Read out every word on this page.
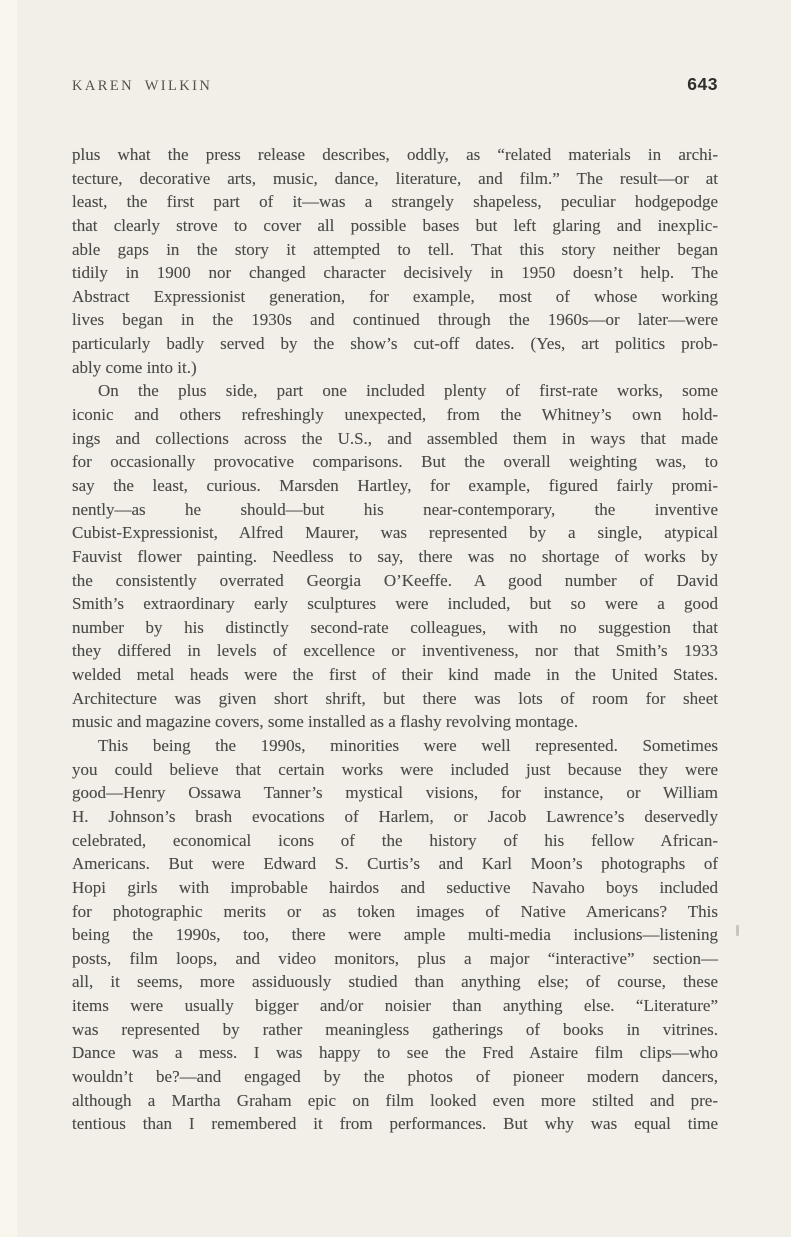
KAREN WILKIN	643
plus what the press release describes, oddly, as “related materials in archi-
tecture, decorative arts, music, dance, literature, and film.” The result—or at
least, the first part of it—was a strangely shapeless, peculiar hodgepodge
that clearly strove to cover all possible bases but left glaring and inexplic-
able gaps in the story it attempted to tell. That this story neither began
tidily in 1900 nor changed character decisively in 1950 doesn’t help. The
Abstract Expressionist generation, for example, most of whose working
lives began in the 1930s and continued through the 1960s—or later—were
particularly badly served by the show’s cut-off dates. (Yes, art politics prob-
ably come into it.)
On the plus side, part one included plenty of first-rate works, some
iconic and others refreshingly unexpected, from the Whitney’s own hold-
ings and collections across the U.S., and assembled them in ways that made
for occasionally provocative comparisons. But the overall weighting was, to
say the least, curious. Marsden Hartley, for example, figured fairly promi-
nently—as he should—but his near-contemporary, the inventive
Cubist-Expressionist, Alfred Maurer, was represented by a single, atypical
Fauvist flower painting. Needless to say, there was no shortage of works by
the consistently overrated Georgia O’Keeffe. A good number of David
Smith’s extraordinary early sculptures were included, but so were a good
number by his distinctly second-rate colleagues, with no suggestion that
they differed in levels of excellence or inventiveness, nor that Smith’s 1933
welded metal heads were the first of their kind made in the United States.
Architecture was given short shrift, but there was lots of room for sheet
music and magazine covers, some installed as a flashy revolving montage.
This being the 1990s, minorities were well represented. Sometimes
you could believe that certain works were included just because they were
good—Henry Ossawa Tanner’s mystical visions, for instance, or William
H. Johnson’s brash evocations of Harlem, or Jacob Lawrence’s deservedly
celebrated, economical icons of the history of his fellow African-
Americans. But were Edward S. Curtis’s and Karl Moon’s photographs of
Hopi girls with improbable hairdos and seductive Navaho boys included
for photographic merits or as token images of Native Americans? This
being the 1990s, too, there were ample multi-media inclusions—listening
posts, film loops, and video monitors, plus a major “interactive” section—
all, it seems, more assiduously studied than anything else; of course, these
items were usually bigger and/or noisier than anything else. “Literature”
was represented by rather meaningless gatherings of books in vitrines.
Dance was a mess. I was happy to see the Fred Astaire film clips—who
wouldn’t be?—and engaged by the photos of pioneer modern dancers,
although a Martha Graham epic on film looked even more stilted and pre-
tentious than I remembered it from performances. But why was equal time
